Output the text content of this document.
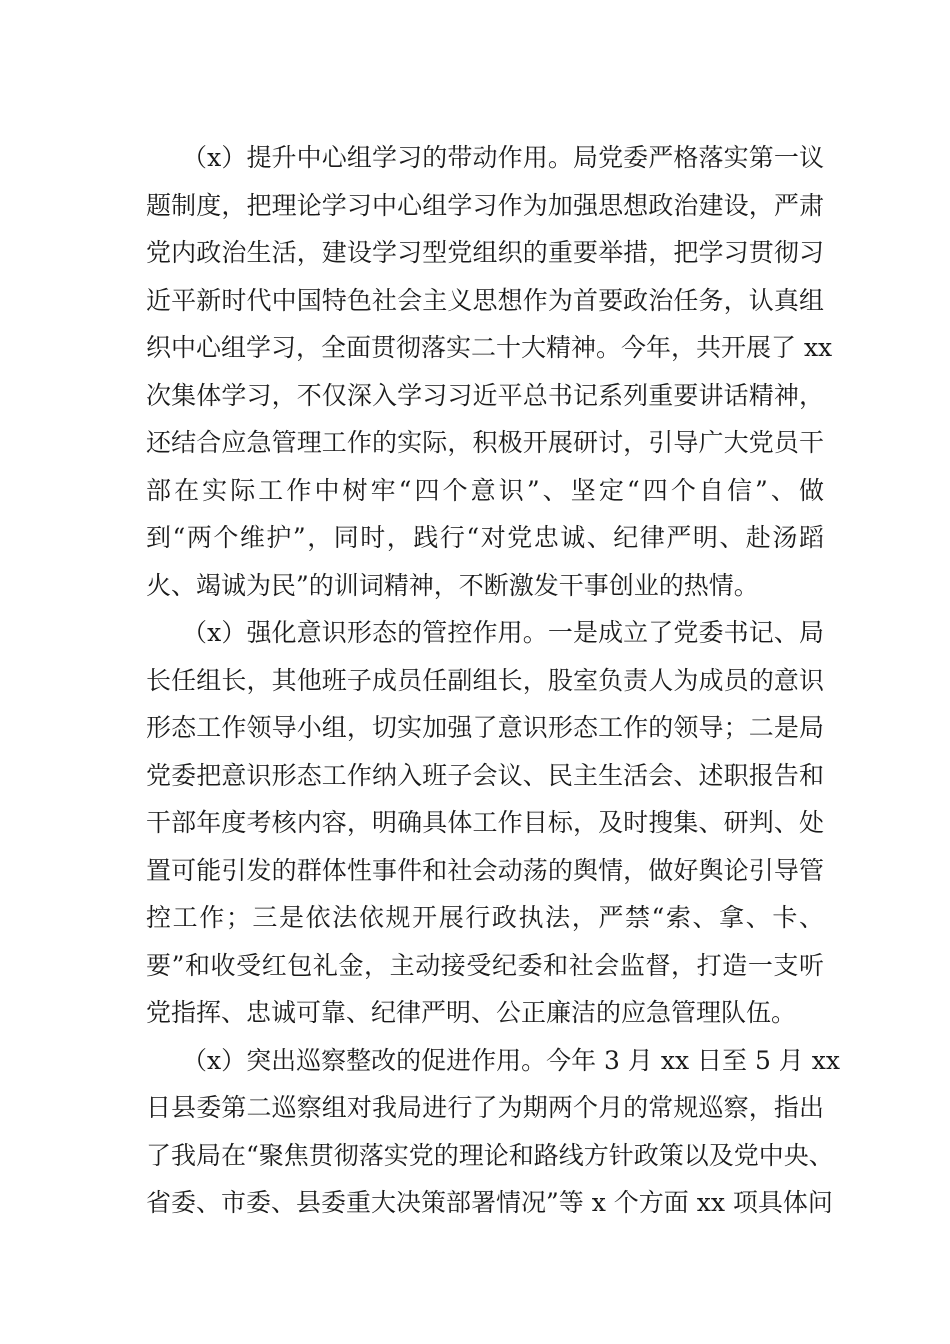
（x）提升中心组学习的带动作用。局党委严格落实第一议
题制度，把理论学习中心组学习作为加强思想政治建设，严肃
党内政治生活，建设学习型党组织的重要举措，把学习贯彻习
近平新时代中国特色社会主义思想作为首要政治任务，认真组
织中心组学习，全面贯彻落实二十大精神。今年，共开展了 xx
次集体学习，不仅深入学习习近平总书记系列重要讲话精神，
还结合应急管理工作的实际，积极开展研讨，引导广大党员干
部在实际工作中树牢“四个意识”、坚定“四个自信”、做
到“两个维护”，同时，践行“对党忠诚、纪律严明、赴汤蹈
火、竭诚为民”的训词精神，不断激发干事创业的热情。
（x）强化意识形态的管控作用。一是成立了党委书记、局
长任组长，其他班子成员任副组长，股室负责人为成员的意识
形态工作领导小组，切实加强了意识形态工作的领导；二是局
党委把意识形态工作纳入班子会议、民主生活会、述职报告和
干部年度考核内容，明确具体工作目标，及时搜集、研判、处
置可能引发的群体性事件和社会动荡的舆情，做好舆论引导管
控工作；三是依法依规开展行政执法，严禁“索、拿、卡、
要”和收受红包礼金，主动接受纪委和社会监督，打造一支听
党指挥、忠诚可靠、纪律严明、公正廉洁的应急管理队伍。
（x）突出巡察整改的促进作用。今年 3 月 xx 日至 5 月 xx
日县委第二巡察组对我局进行了为期两个月的常规巡察，指出
了我局在“聚焦贯彻落实党的理论和路线方针政策以及党中央、
省委、市委、县委重大决策部署情况”等 x 个方面 xx 项具体问
